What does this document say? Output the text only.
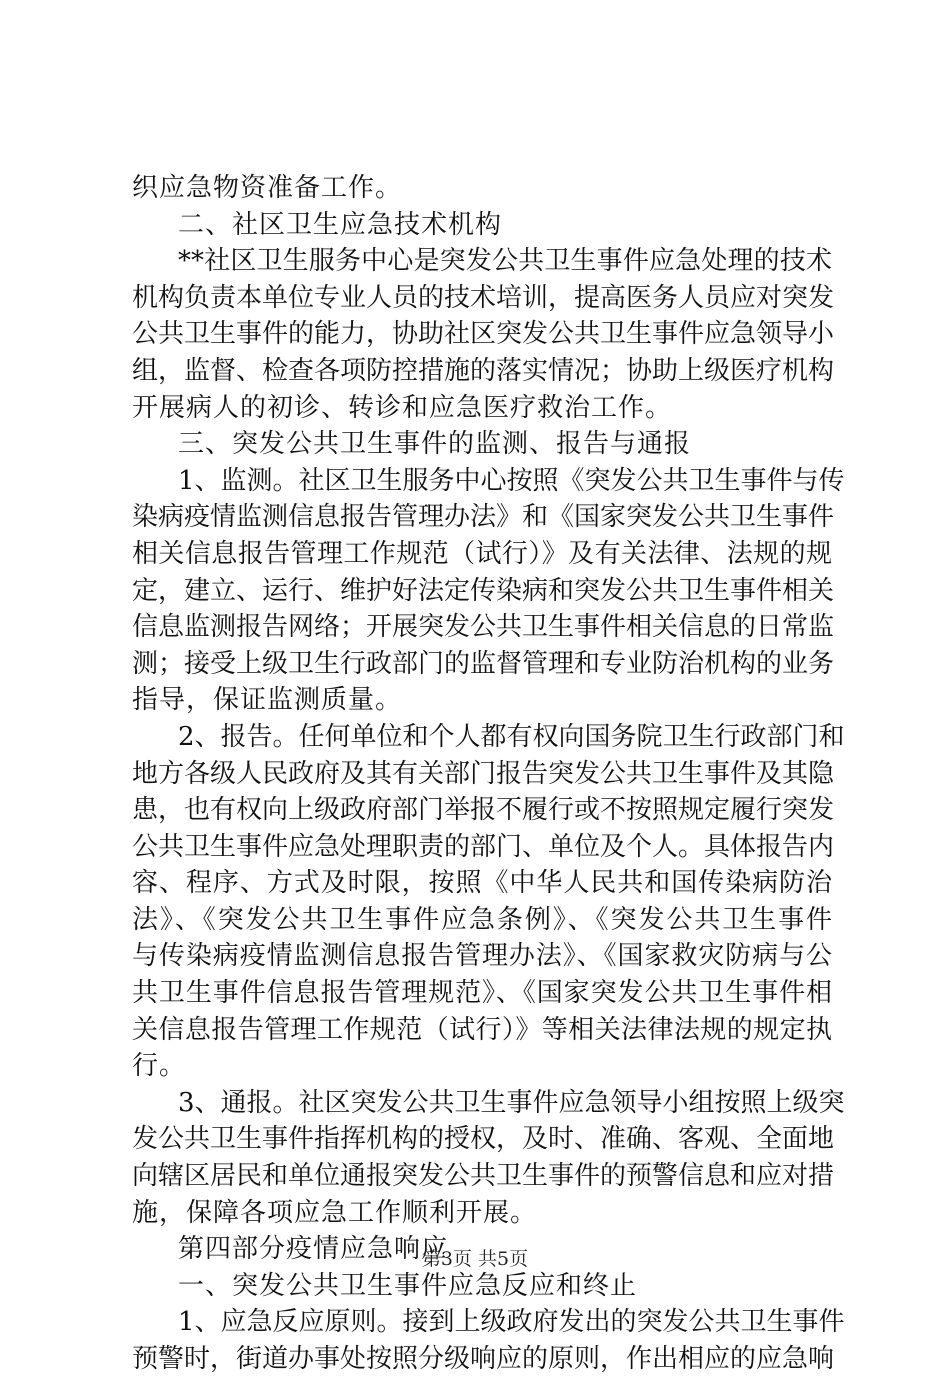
织应急物资准备工作。
二、社区卫生应急技术机构
**社区卫生服务中心是突发公共卫生事件应急处理的技术
机构负责本单位专业人员的技术培训，提高医务人员应对突发
公共卫生事件的能力，协助社区突发公共卫生事件应急领导小
组，监督、检查各项防控措施的落实情况；协助上级医疗机构
开展病人的初诊、转诊和应急医疗救治工作。
三、突发公共卫生事件的监测、报告与通报
1、监测。社区卫生服务中心按照《突发公共卫生事件与传
染病疫情监测信息报告管理办法》和《国家突发公共卫生事件
相关信息报告管理工作规范（试行）》及有关法律、法规的规
定，建立、运行、维护好法定传染病和突发公共卫生事件相关
信息监测报告网络；开展突发公共卫生事件相关信息的日常监
测；接受上级卫生行政部门的监督管理和专业防治机构的业务
指导，保证监测质量。
2、报告。任何单位和个人都有权向国务院卫生行政部门和
地方各级人民政府及其有关部门报告突发公共卫生事件及其隐
患，也有权向上级政府部门举报不履行或不按照规定履行突发
公共卫生事件应急处理职责的部门、单位及个人。具体报告内
容、程序、方式及时限，按照《中华人民共和国传染病防治
法》、《突发公共卫生事件应急条例》、《突发公共卫生事件
与传染病疫情监测信息报告管理办法》、《国家救灾防病与公
共卫生事件信息报告管理规范》、《国家突发公共卫生事件相
关信息报告管理工作规范（试行）》等相关法律法规的规定执
行。
3、通报。社区突发公共卫生事件应急领导小组按照上级突
发公共卫生事件指挥机构的授权，及时、准确、客观、全面地
向辖区居民和单位通报突发公共卫生事件的预警信息和应对措
施，保障各项应急工作顺利开展。
第四部分疫情应急响应
一、突发公共卫生事件应急反应和终止
1、应急反应原则。接到上级政府发出的突发公共卫生事件
预警时，街道办事处按照分级响应的原则，作出相应的应急响
第3页 共5页
